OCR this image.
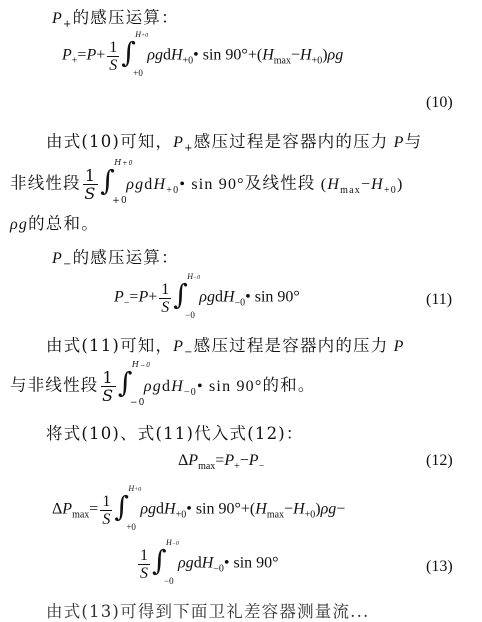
$P_+$的感压运算：
$P_+=P+ \frac{1}{S}$ ∫
H+0
+0
ρgdH$_{+0}$• $\sin 90^\circ+(H_{max}-H_{+0})\rho g$
(10)
由式(10)可知，$P_+$感压过程是容器内的压力 P与
非线性段 $\frac{1}{S}$ ∫
H+0
+0
ρgdH$_{+0}$• sin 90°及线性段 $(H_{max}-H_{+0})$
ρg的总和。
$P_-$的感压运算：
$P_-=P+ \frac{1}{S}$ ∫
H−0
−0
ρgdH$_{-0}$• sin 90°	(11)
由式(11)可知，$P_-$感压过程是容器内的压力 P
与非线性段 $\frac{1}{S}$ ∫
H−0
−0
ρgdH$_{-0}$• sin 90°的和。
将式(10)、式(11)代入式(12)：
$\Delta P_{max}=P_+-P_-$	(12)
$\Delta P_{max}= \frac{1}{S}$ ∫
H+0
+0
ρgdH$_{+0}$• $\sin 90^\circ+(H_{max}-H_{+0})\rho g-$
$\frac{1}{S}$ ∫
H−0
−0
ρgdH$_{-0}$• sin 90°	(13)
由式(13)可得到下面卫礼差容器测量流...
